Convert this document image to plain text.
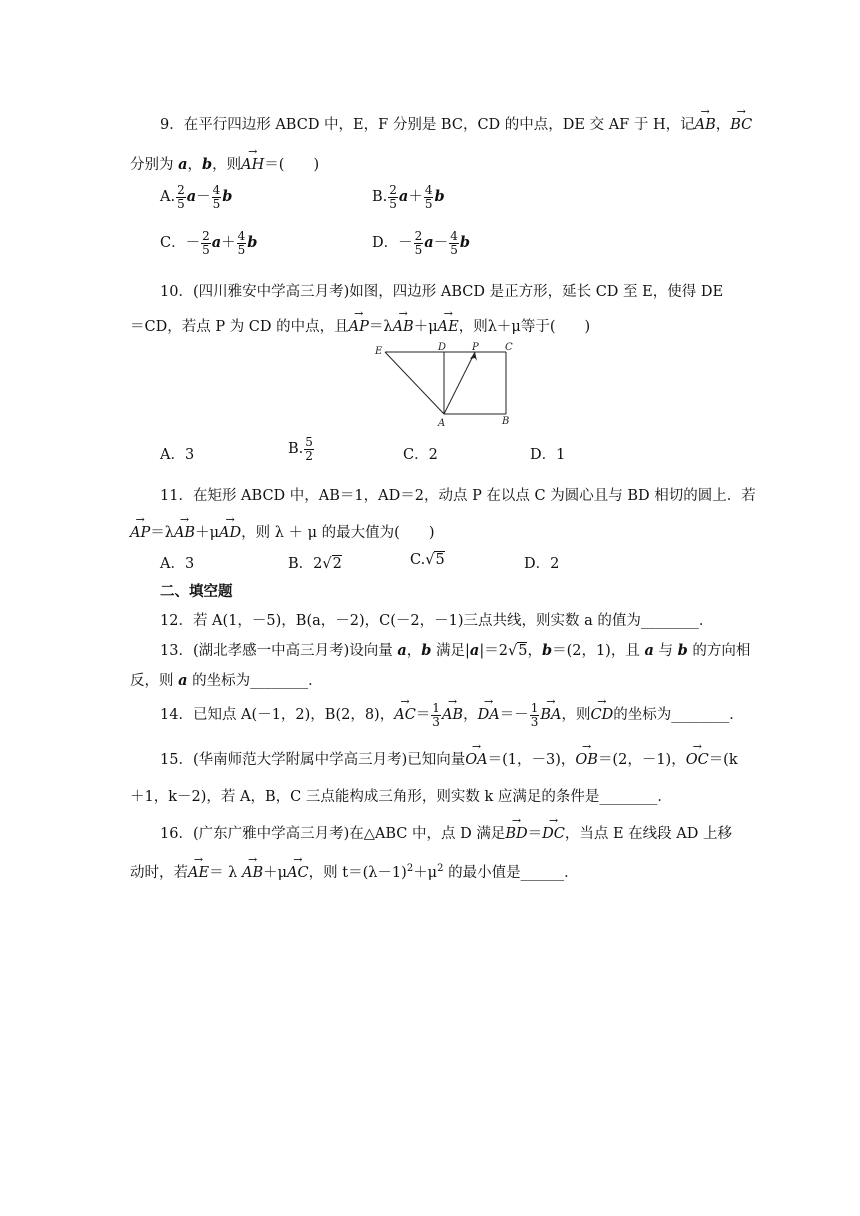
9．在平行四边形 ABCD 中，E，F 分别是 BC，CD 的中点，DE 交 AF 于 H，记→ AB，→ BC
分别为 a，b，则→ AH＝(　　)
A. $\frac{2}{5} a- \frac{4}{5}$ b	B. $\frac{2}{5} a+ \frac{4}{5}$ b
C．－ $\frac{2}{5} a+ \frac{4}{5}$ b	D．－ $\frac{2}{5} a- \frac{4}{5}$ b
10．(四川雅安中学高三月考)如图，四边形 ABCD 是正方形，延长 CD 至 E，使得 DE
＝CD，若点 P 为 CD 的中点，且→ AP＝λ→ AB＋μ→ AE，则λ＋μ等于(　　)
E	D	P	C
A	B
A．3	B. $\frac{5}{2}$	C．2	D．1
11．在矩形 ABCD 中，AB＝1，AD＝2，动点 P 在以点 C 为圆心且与 BD 相切的圆上．若
→ AP＝λ→ AB＋μ→ AD，则 λ ＋ μ 的最大值为(　　)
A．3	B．2√2	C.√5	D．2
二、填空题
12．若 A(1，－5)，B(a，－2)，C(－2，－1)三点共线，则实数 a 的值为________．
13．(湖北孝感一中高三月考)设向量 a，b 满足|a|＝2√5，b＝(2，1)，且 a 与 b 的方向相
反，则 a 的坐标为________．
14．已知点 A(－1，2)，B(2，8)，→ $AC= \frac{1}{3}$ → AB，→ $DA=- \frac{1}{3}$ → BA，则→ CD的坐标为________．
15．(华南师范大学附属中学高三月考)已知向量→ OA＝(1，－3)，→ OB＝(2，－1)，→ OC＝(k
＋1，k－2)，若 A，B，C 三点能构成三角形，则实数 k 应满足的条件是________．
16．(广东广雅中学高三月考)在△ABC 中，点 D 满足→ BD＝→ DC，当点 E 在线段 AD 上移
动时，若→ AE＝ λ → AB＋μ→ AC，则 $t=(\lambda-1)^2+\mu^2$ 的最小值是______．
